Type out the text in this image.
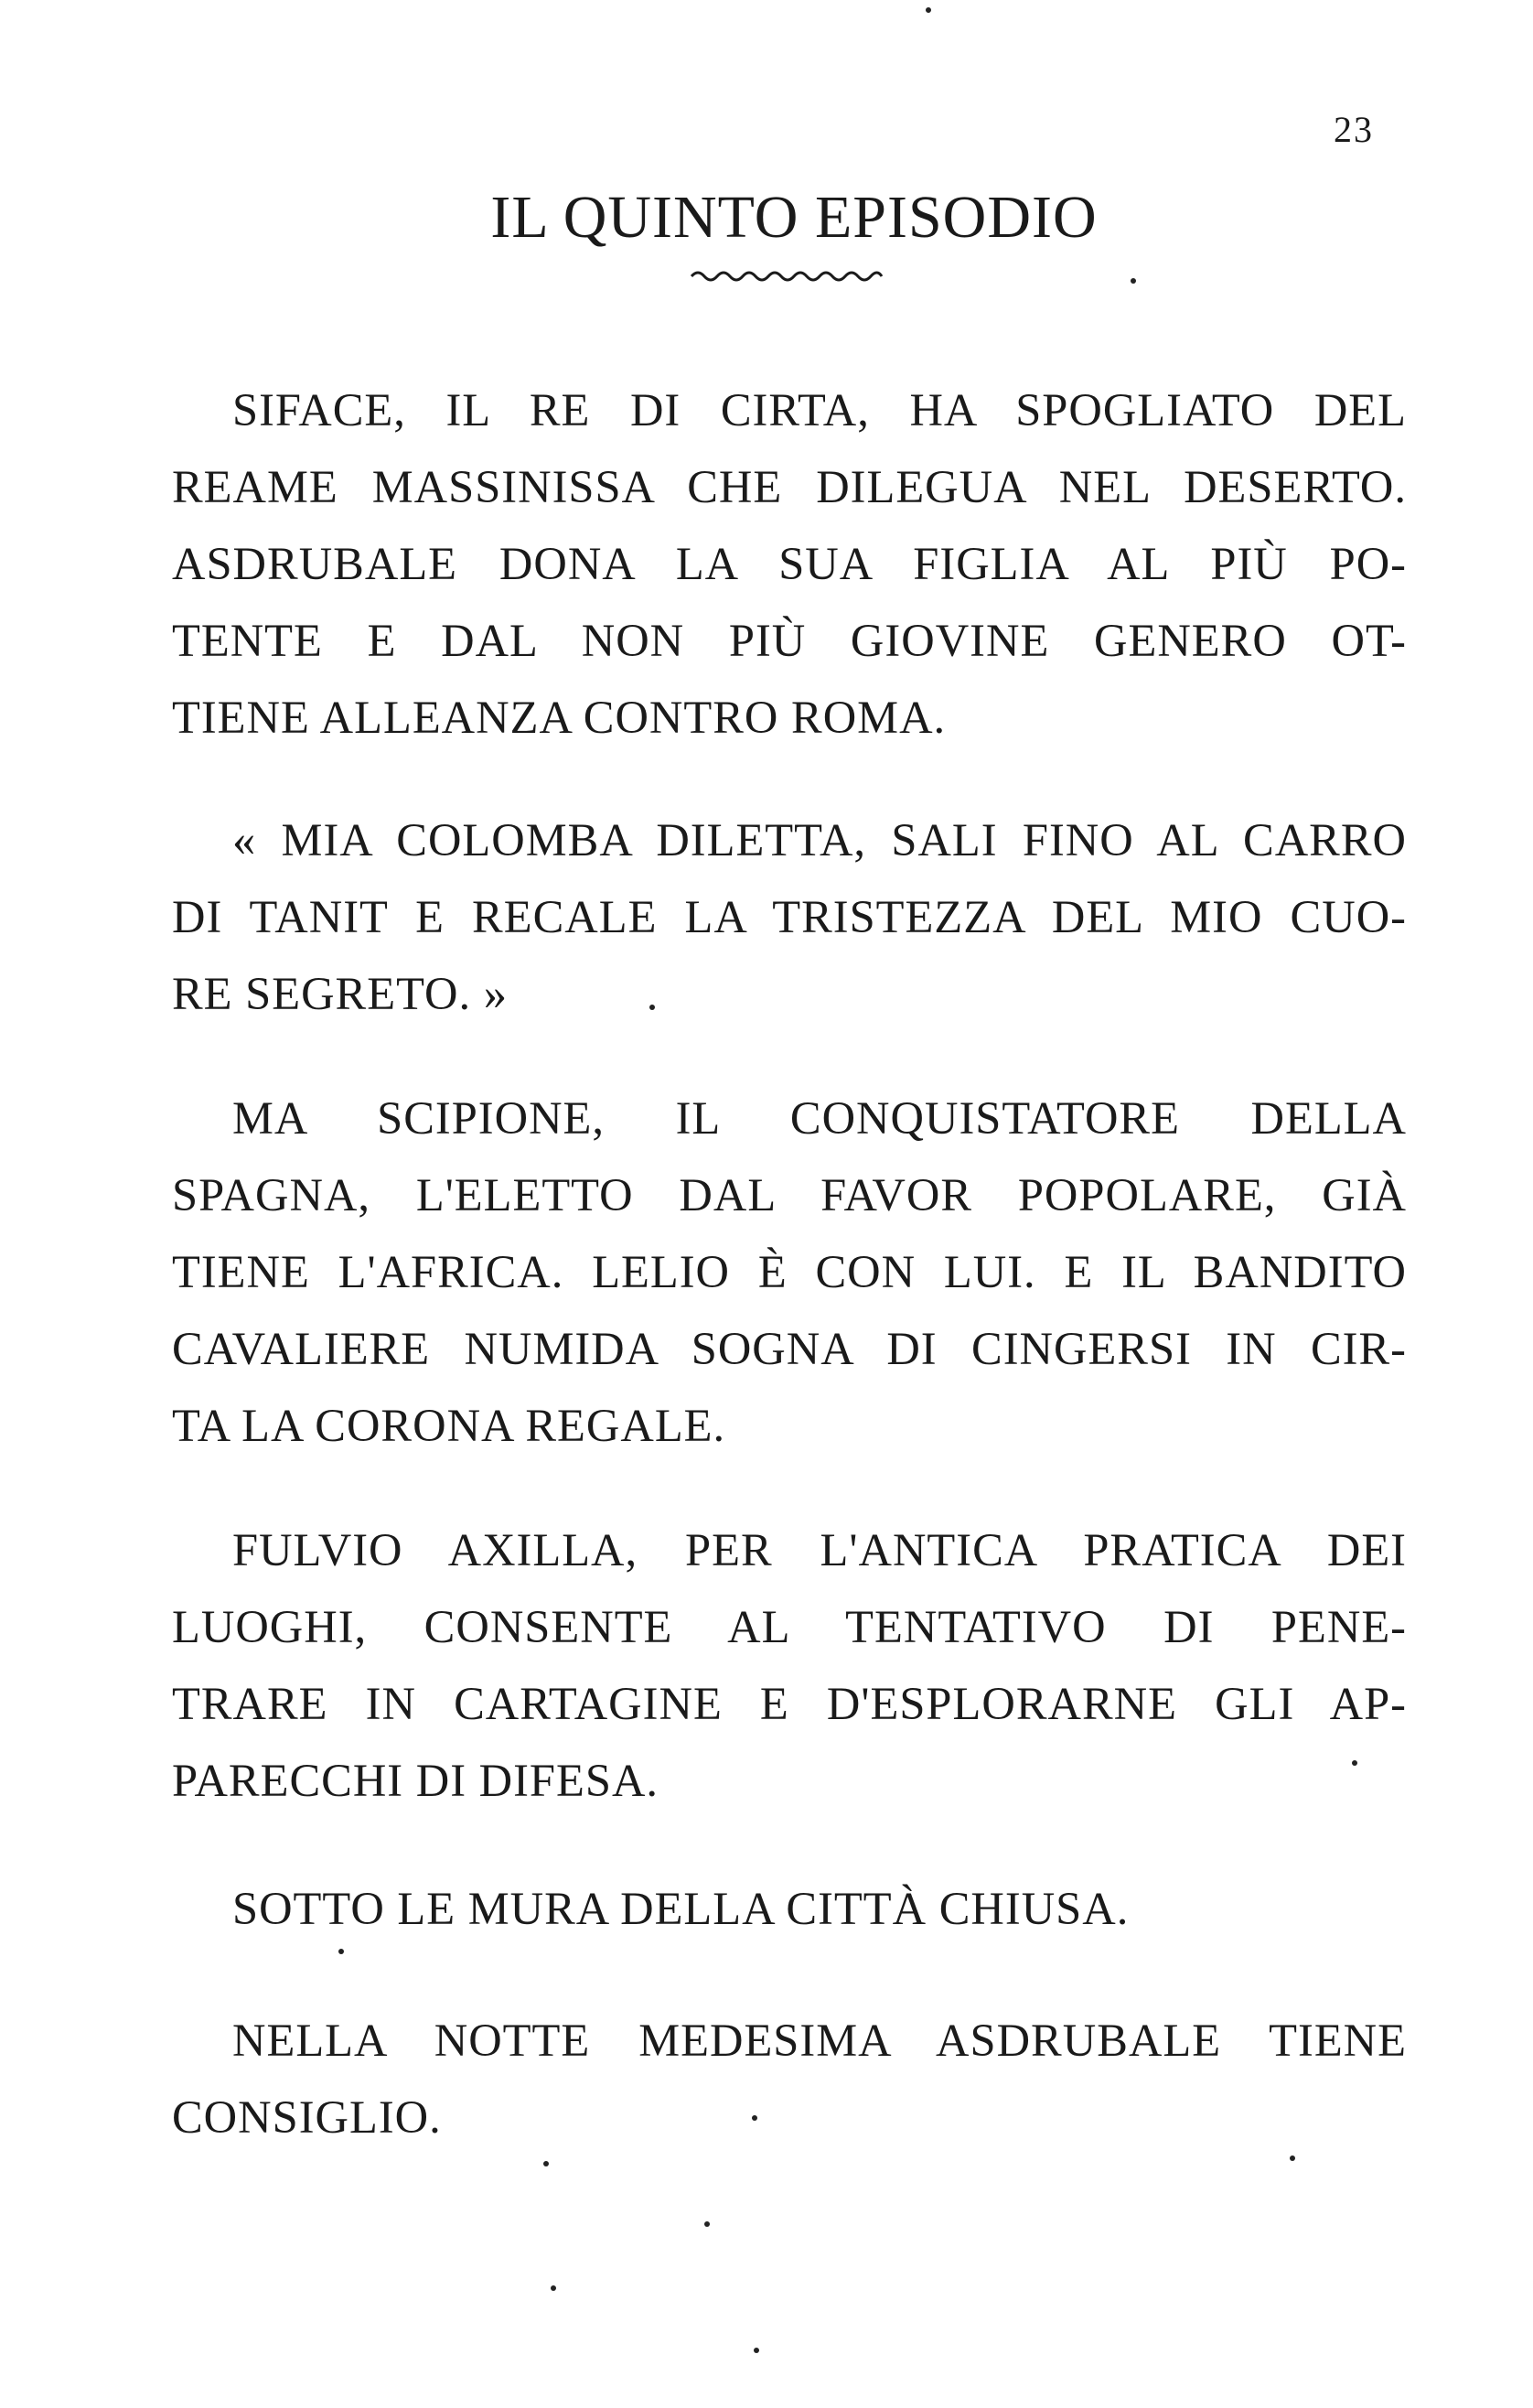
23
IL QUINTO EPISODIO
SIFACE, IL RE DI CIRTA, HA SPOGLIATO DEL
REAME MASSINISSA CHE DILEGUA NEL DESERTO.
ASDRUBALE DONA LA SUA FIGLIA AL PIÙ PO-
TENTE E DAL NON PIÙ GIOVINE GENERO OT-
TIENE ALLEANZA CONTRO ROMA.
« MIA COLOMBA DILETTA, SALI FINO AL CARRO
DI TANIT E RECALE LA TRISTEZZA DEL MIO CUO-
RE SEGRETO. »
MA SCIPIONE, IL CONQUISTATORE DELLA
SPAGNA, L'ELETTO DAL FAVOR POPOLARE, GIÀ
TIENE L'AFRICA. LELIO È CON LUI. E IL BANDITO
CAVALIERE NUMIDA SOGNA DI CINGERSI IN CIR-
TA LA CORONA REGALE.
FULVIO AXILLA, PER L'ANTICA PRATICA DEI
LUOGHI, CONSENTE AL TENTATIVO DI PENE-
TRARE IN CARTAGINE E D'ESPLORARNE GLI AP-
PARECCHI DI DIFESA.
SOTTO LE MURA DELLA CITTÀ CHIUSA.
NELLA NOTTE MEDESIMA ASDRUBALE TIENE
CONSIGLIO.
